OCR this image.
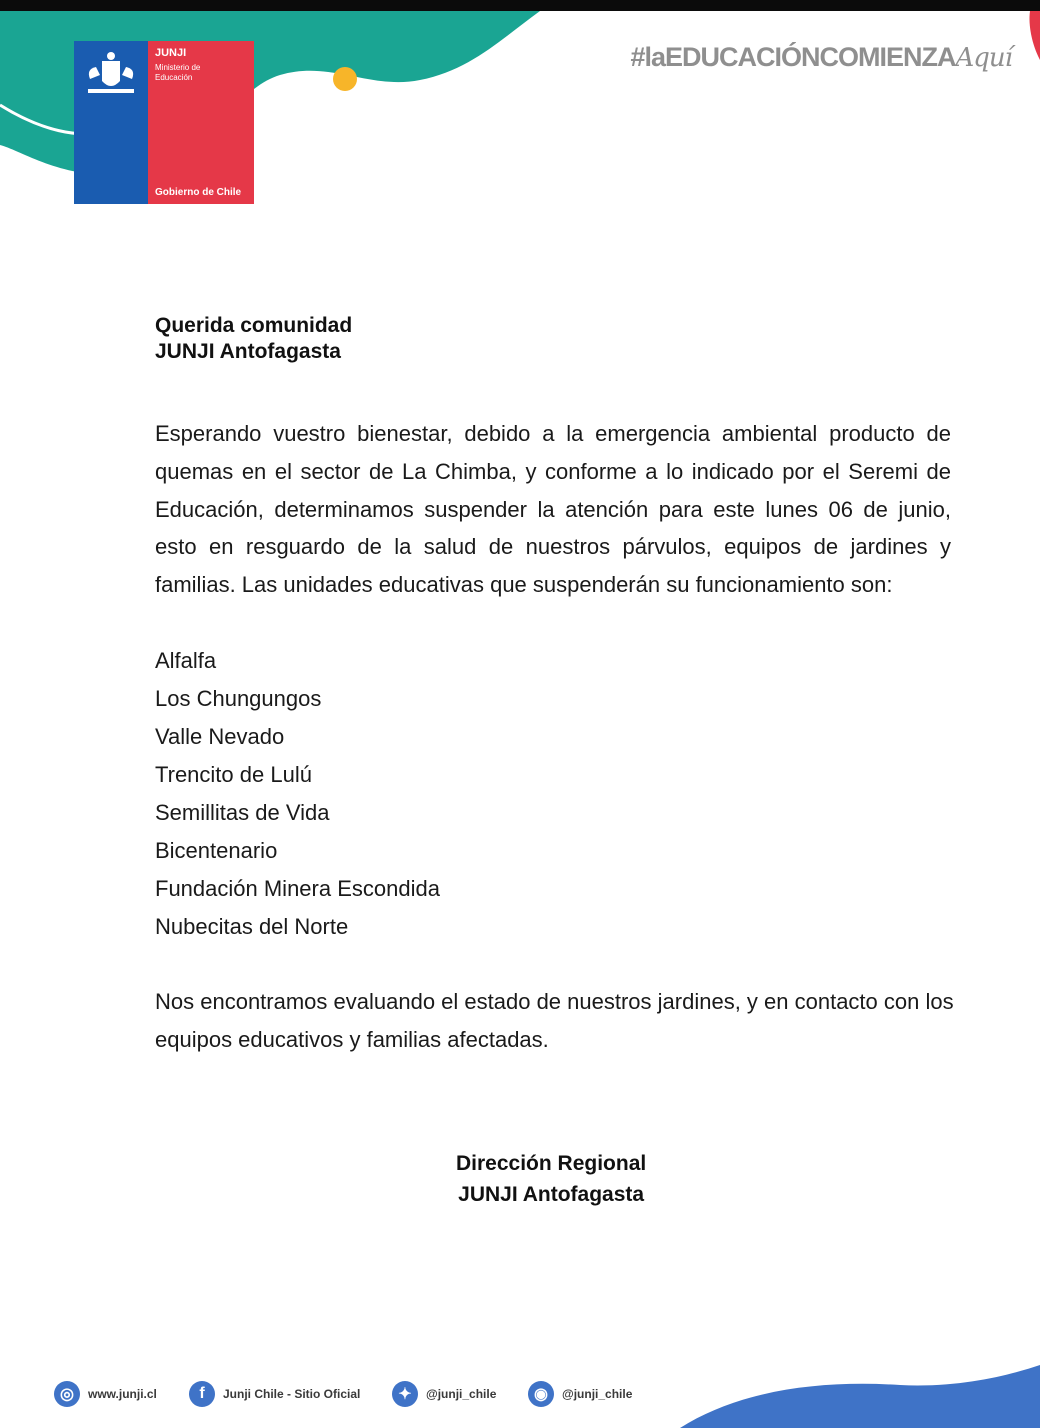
JUNJI
Ministerio de Educación
Gobierno de Chile
#laEDUCACIÓNCOMIENZAAquí
Querida comunidad
JUNJI Antofagasta
Esperando vuestro bienestar, debido a la emergencia ambiental producto de quemas en el sector de La Chimba, y conforme a lo indicado por el Seremi de Educación, determinamos suspender la atención para este lunes 06 de junio, esto en resguardo de la salud de nuestros párvulos, equipos de jardines y familias. Las unidades educativas que suspenderán su funcionamiento son:
Alfalfa
Los Chungungos
Valle Nevado
Trencito de Lulú
Semillitas de Vida
Bicentenario
Fundación Minera Escondida
Nubecitas del Norte
Nos encontramos evaluando el estado de nuestros jardines, y en contacto con los equipos educativos y familias afectadas.
Dirección Regional
JUNJI Antofagasta
◎	www.junji.cl	f	Junji Chile - Sitio Oficial	✦	@junji_chile	◉	@junji_chile
